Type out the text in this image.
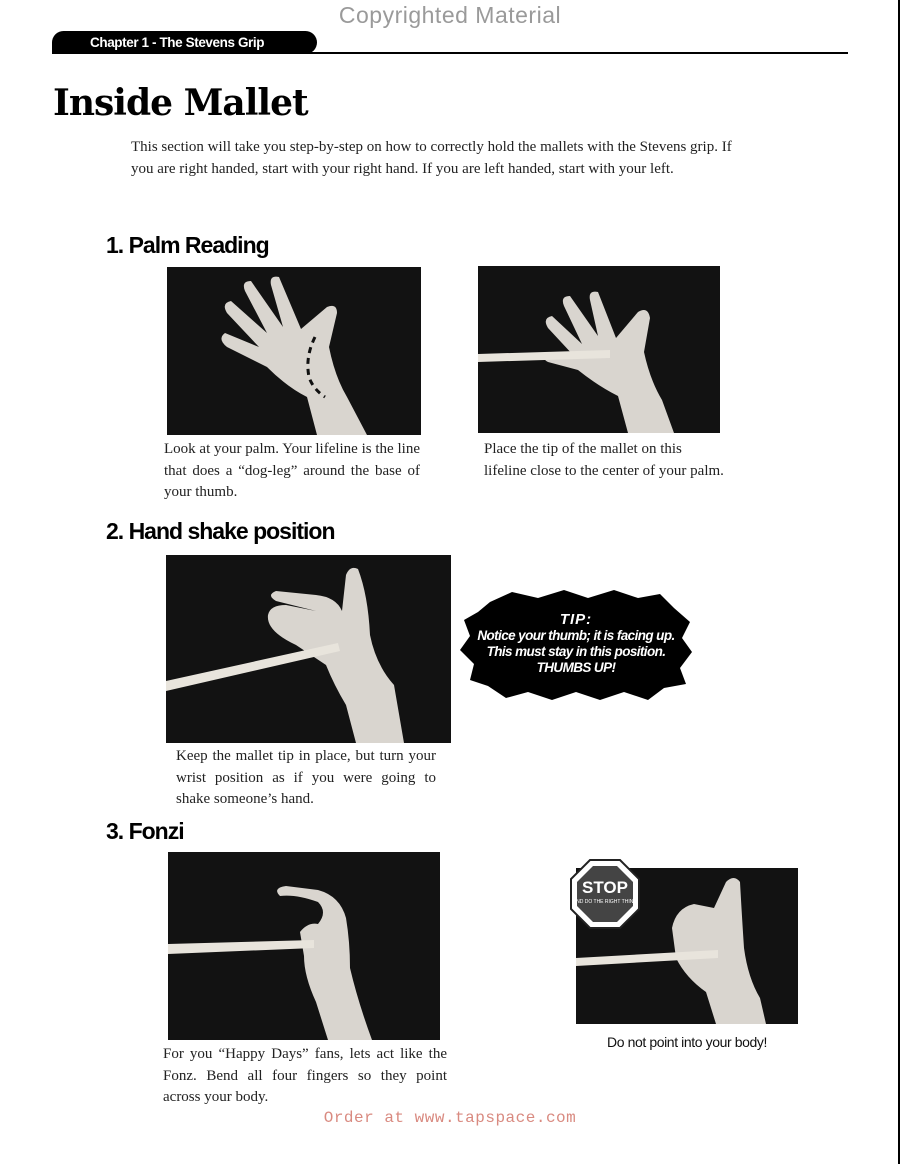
Copyrighted Material
Chapter 1 - The Stevens Grip
Inside Mallet
This section will take you step-by-step on how to correctly hold the mallets with the Stevens grip. If you are right handed, start with your right hand. If you are left handed, start with your left.
1. Palm Reading
Look at your palm. Your lifeline is the line that does a “dog-leg” around the base of your thumb.
Place the tip of the mallet on this lifeline close to the center of your palm.
2. Hand shake position
Keep the mallet tip in place, but turn your wrist position as if you were going to shake someone’s hand.
TIP:
Notice your thumb; it is facing up. This must stay in this position. THUMBS UP!
3. Fonzi
For you “Happy Days” fans, lets act like the Fonz. Bend all four fingers so they point across your body.
STOP
AND DO THE RIGHT THING
Do not point into your body!
Order at www.tapspace.com
